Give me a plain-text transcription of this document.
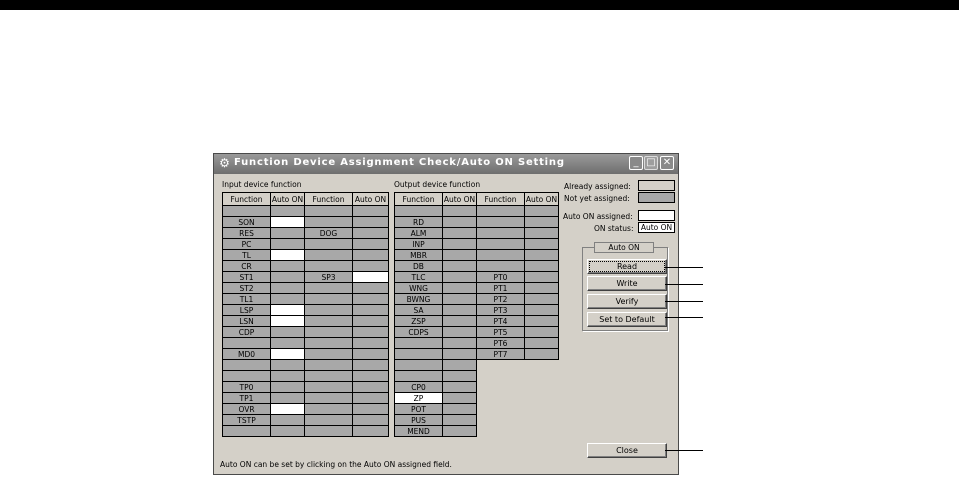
⚙ Function Device Assignment Check/Auto ON Setting	_ □ ✕
Input device function	Output device function
Function	Auto ON	Function	Auto ON

SON			
RES		DOG	
PC			
TL			
CR			
ST1		SP3	
ST2			
TL1			
LSP			
LSN			
CDP			

MD0			

TP0			
TP1			
OVR			
TSTP			

Function	Auto ON	Function	Auto ON

RD			
ALM			
INP			
MBR			
DB			
TLC		PT0	
WNG		PT1	
BWNG		PT2	
SA		PT3	
ZSP		PT4	
CDPS		PT5	
		PT6	
		PT7	

CP0			
ZP			
POT			
PUS			
MEND			
Already assigned:
Not yet assigned:
Auto ON assigned:
ON status: Auto ON
Auto ON
Read
Write
Verify
Set to Default
Close
Auto ON can be set by clicking on the Auto ON assigned field.
